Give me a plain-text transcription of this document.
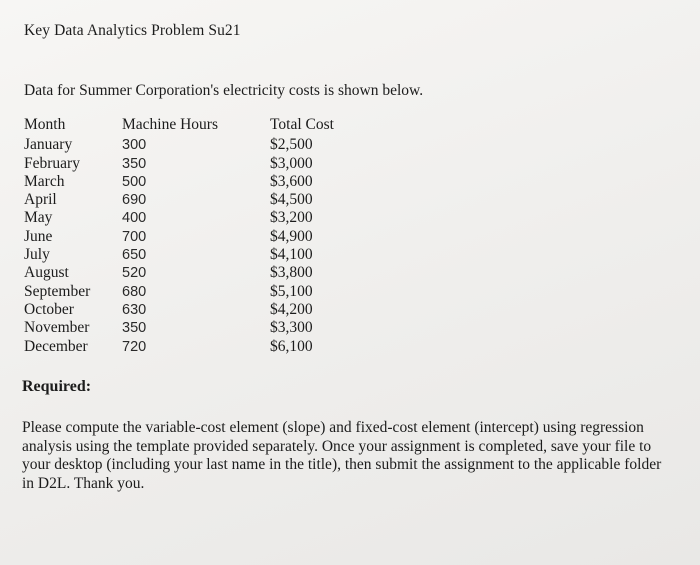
Key Data Analytics Problem Su21
Data for Summer Corporation's electricity costs is shown below.
Month	Machine Hours	Total Cost
January	300	$2,500
February	350	$3,000
March	500	$3,600
April	690	$4,500
May	400	$3,200
June	700	$4,900
July	650	$4,100
August	520	$3,800
September	680	$5,100
October	630	$4,200
November	350	$3,300
December	720	$6,100
Required:
Please compute the variable-cost element (slope) and fixed-cost element (intercept) using regression analysis using the template provided separately. Once your assignment is completed, save your file to your desktop (including your last name in the title), then submit the assignment to the applicable folder in D2L. Thank you.
